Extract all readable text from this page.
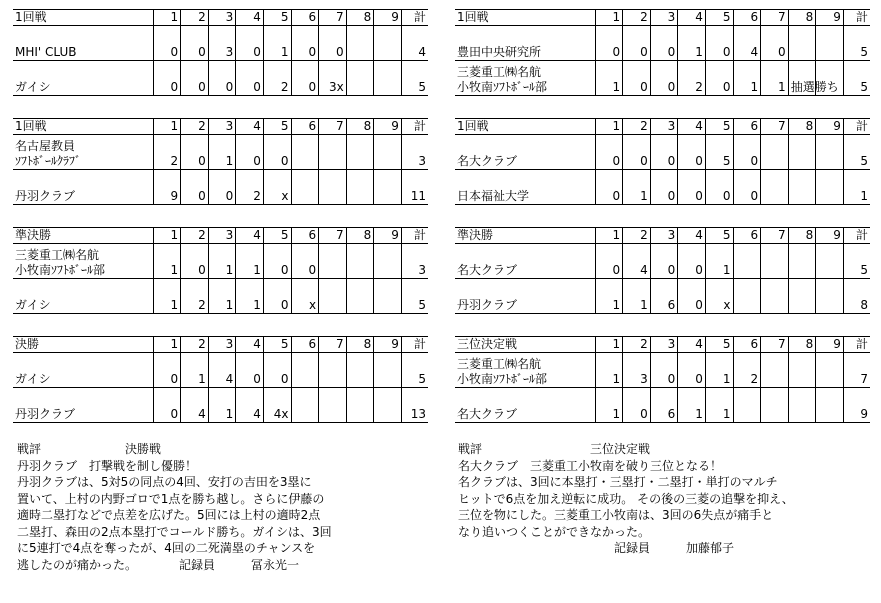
1回戦	1	2	3	4	5	6	7	8	9	計

MHI' CLUB	0	0	3	0	1	0	0			4

ガイシ	0	0	0	0	2	0	3x			5
1回戦	1	2	3	4	5	6	7	8	9	計

名古屋教員
ｿﾌﾄﾎﾞｰﾙｸﾗﾌﾞ	2	0	1	0	0					3

丹羽クラブ	9	0	0	2	x					11
準決勝	1	2	3	4	5	6	7	8	9	計

三菱重工㈱名航
小牧南ｿﾌﾄﾎﾞｰﾙ部	1	0	1	1	0	0				3

ガイシ	1	2	1	1	0	x				5
決勝	1	2	3	4	5	6	7	8	9	計

ガイシ	0	1	4	0	0					5

丹羽クラブ	0	4	1	4	4x					13
1回戦	1	2	3	4	5	6	7	8	9	計

豊田中央研究所	0	0	0	1	0	4	0			5

三菱重工㈱名航
小牧南ｿﾌﾄﾎﾞｰﾙ部	1	0	0	2	0	1	1	抽選勝ち		5
1回戦	1	2	3	4	5	6	7	8	9	計

名大クラブ	0	0	0	0	5	0				5

日本福祉大学	0	1	0	0	0	0				1
準決勝	1	2	3	4	5	6	7	8	9	計

名大クラブ	0	4	0	0	1					5

丹羽クラブ	1	1	6	0	x					8
三位決定戦	1	2	3	4	5	6	7	8	9	計

三菱重工㈱名航
小牧南ｿﾌﾄﾎﾞｰﾙ部	1	3	0	0	1	2				7

名大クラブ	1	0	6	1	1					9
戦評　　　　　　　決勝戦
丹羽クラブ　打撃戦を制し優勝！
丹羽クラブは、5対5の同点の4回、安打の吉田を3塁に
置いて、上村の内野ゴロで1点を勝ち越し。さらに伊藤の
適時二塁打などで点差を広げた。5回には上村の適時2点
二塁打、森田の2点本塁打でコールド勝ち。ガイシは、3回
に5連打で4点を奪ったが、4回の二死満塁のチャンスを
逃したのが痛かった。　　　　記録員　　　冨永光一
戦評　　　　　　　　　三位決定戦
名大クラブ　三菱重工小牧南を破り三位となる！
名クラブは、3回に本塁打・三塁打・二塁打・単打のマルチ
ヒットで6点を加え逆転に成功。 その後の三菱の追撃を抑え、
三位を物にした。三菱重工小牧南は、3回の6失点が痛手と
なり追いつくことができなかった。
　　　　　　　　　　　　　記録員　　　加藤郁子
